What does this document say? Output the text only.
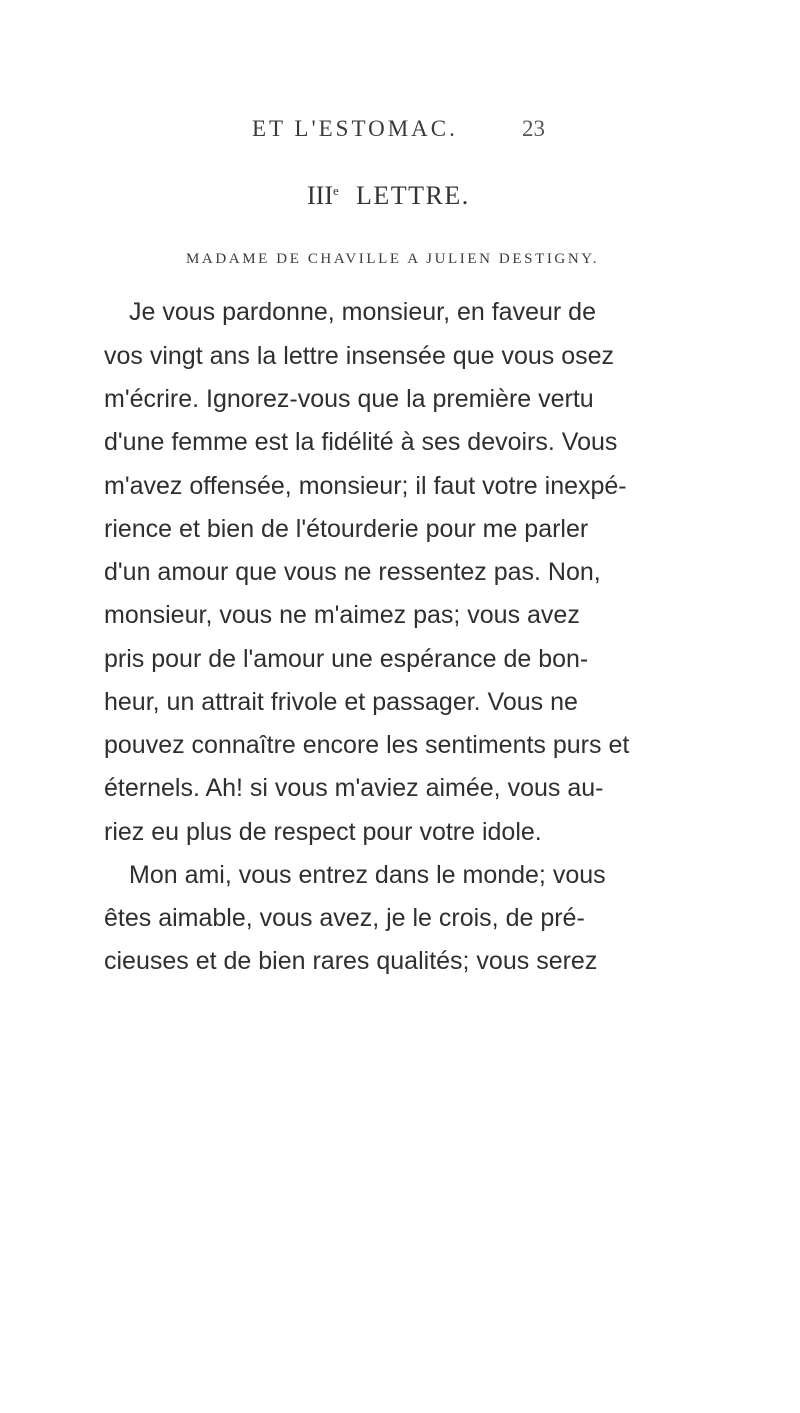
ET L'ESTOMAC.	23
IIIe LETTRE.
MADAME DE CHAVILLE A JULIEN DESTIGNY.
Je vous pardonne, monsieur, en faveur de
vos vingt ans la lettre insensée que vous osez
m'écrire. Ignorez-vous que la première vertu
d'une femme est la fidélité à ses devoirs. Vous
m'avez offensée, monsieur; il faut votre inexpé-
rience et bien de l'étourderie pour me parler
d'un amour que vous ne ressentez pas. Non,
monsieur, vous ne m'aimez pas; vous avez
pris pour de l'amour une espérance de bon-
heur, un attrait frivole et passager. Vous ne
pouvez connaître encore les sentiments purs et
éternels. Ah! si vous m'aviez aimée, vous au-
riez eu plus de respect pour votre idole.
Mon ami, vous entrez dans le monde; vous
êtes aimable, vous avez, je le crois, de pré-
cieuses et de bien rares qualités; vous serez
